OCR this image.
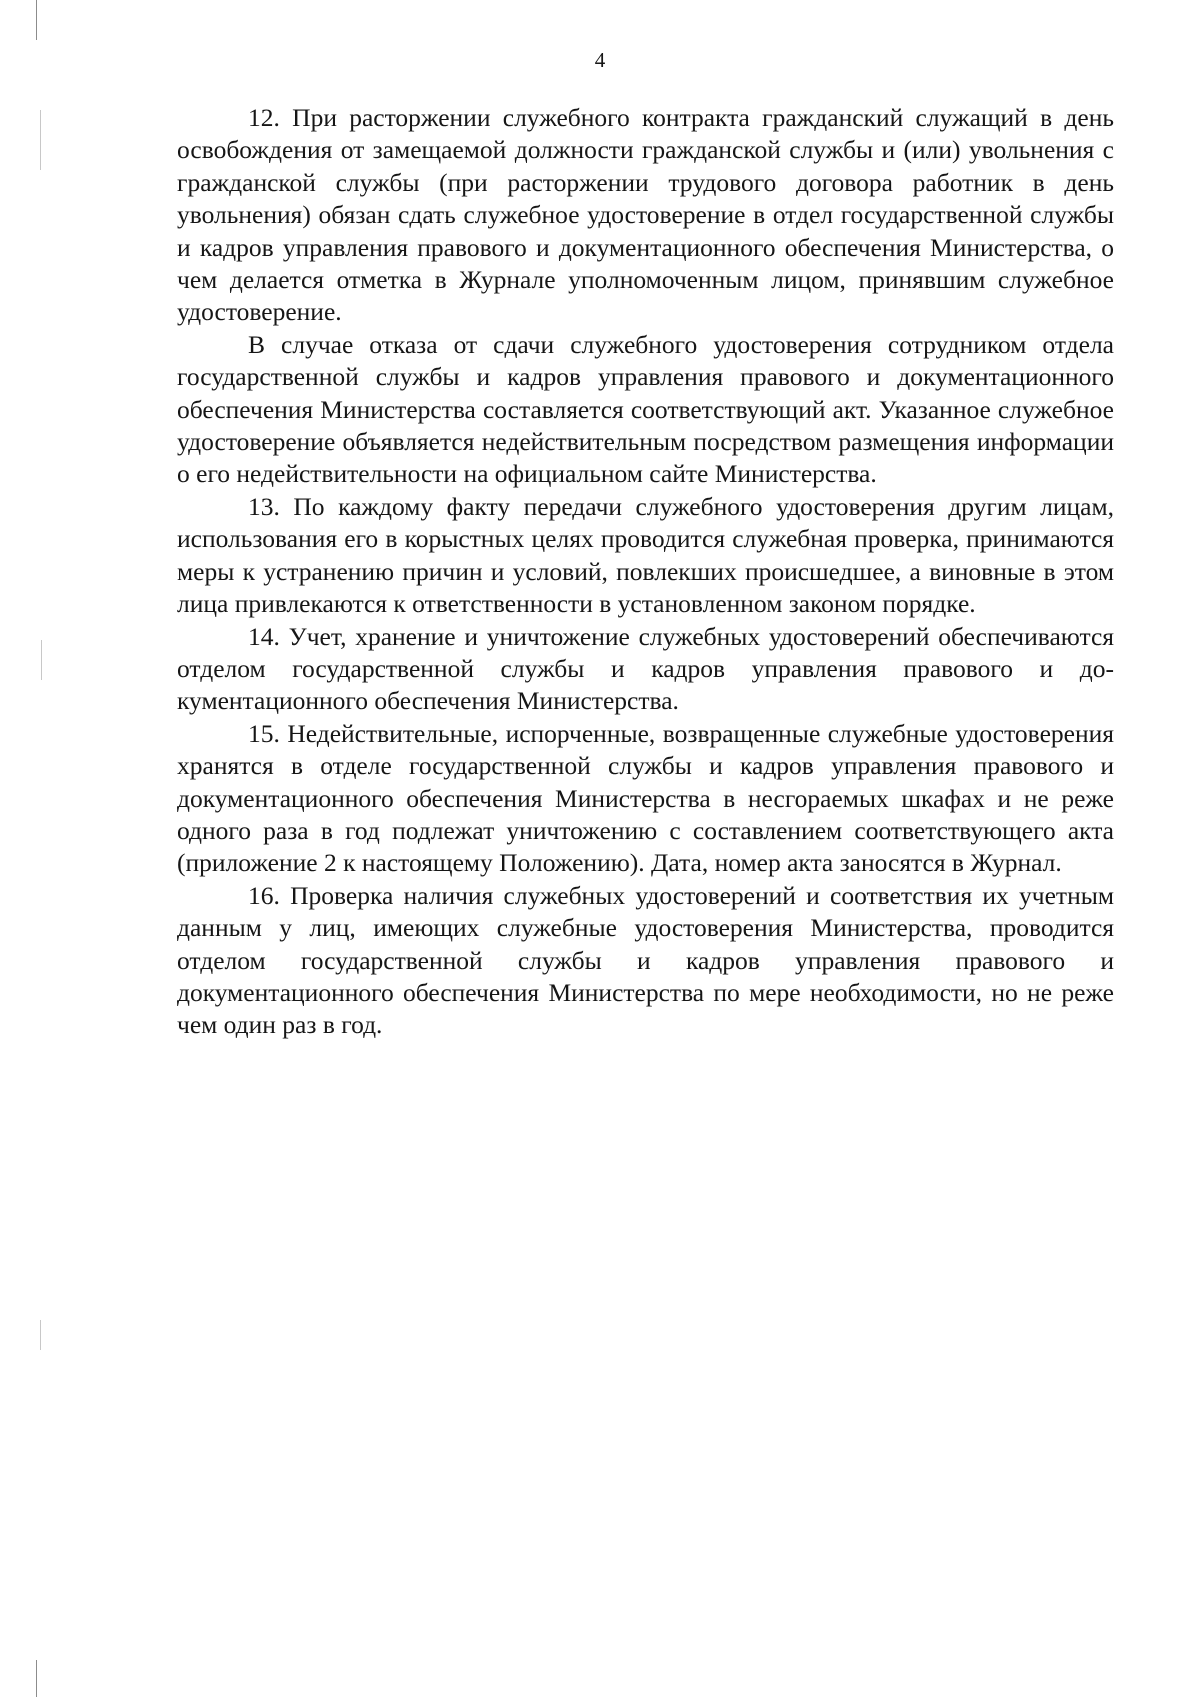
4

12. При расторжении служебного контракта гражданский служащий в день освобождения от замещаемой должности гражданской службы и (или) увольнения с гражданской службы (при расторжении трудового договора работник в день увольнения) обязан сдать служебное удостоверение в отдел государственной службы и кадров управления правового и документационного обеспечения Министерства, о чем делается отметка в Журнале уполномоченным лицом, принявшим служебное удостоверение.

В случае отказа от сдачи служебного удостоверения сотрудником отдела государственной службы и кадров управления правового и документационного обеспечения Министерства составляется соответствующий акт. Указанное служебное удостоверение объявляется недействительным посредством размещения информации о его недействительности на официальном сайте Министерства.

13. По каждому факту передачи служебного удостоверения другим лицам, использования его в корыстных целях проводится служебная проверка, принимаются меры к устранению причин и условий, повлекших происшедшее, а виновные в этом лица привлекаются к ответственности в установленном законом порядке.

14. Учет, хранение и уничтожение служебных удостоверений обеспечиваются отделом государственной службы и кадров управления правового и документационного обеспечения Министерства.

15. Недействительные, испорченные, возвращенные служебные удостоверения хранятся в отделе государственной службы и кадров управления правового и документационного обеспечения Министерства в несгораемых шкафах и не реже одного раза в год подлежат уничтожению с составлением соответствующего акта (приложение 2 к настоящему Положению). Дата, номер акта заносятся в Журнал.

16. Проверка наличия служебных удостоверений и соответствия их учетным данным у лиц, имеющих служебные удостоверения Министерства, проводится отделом государственной службы и кадров управления правового и документационного обеспечения Министерства по мере необходимости, но не реже чем один раз в год.
